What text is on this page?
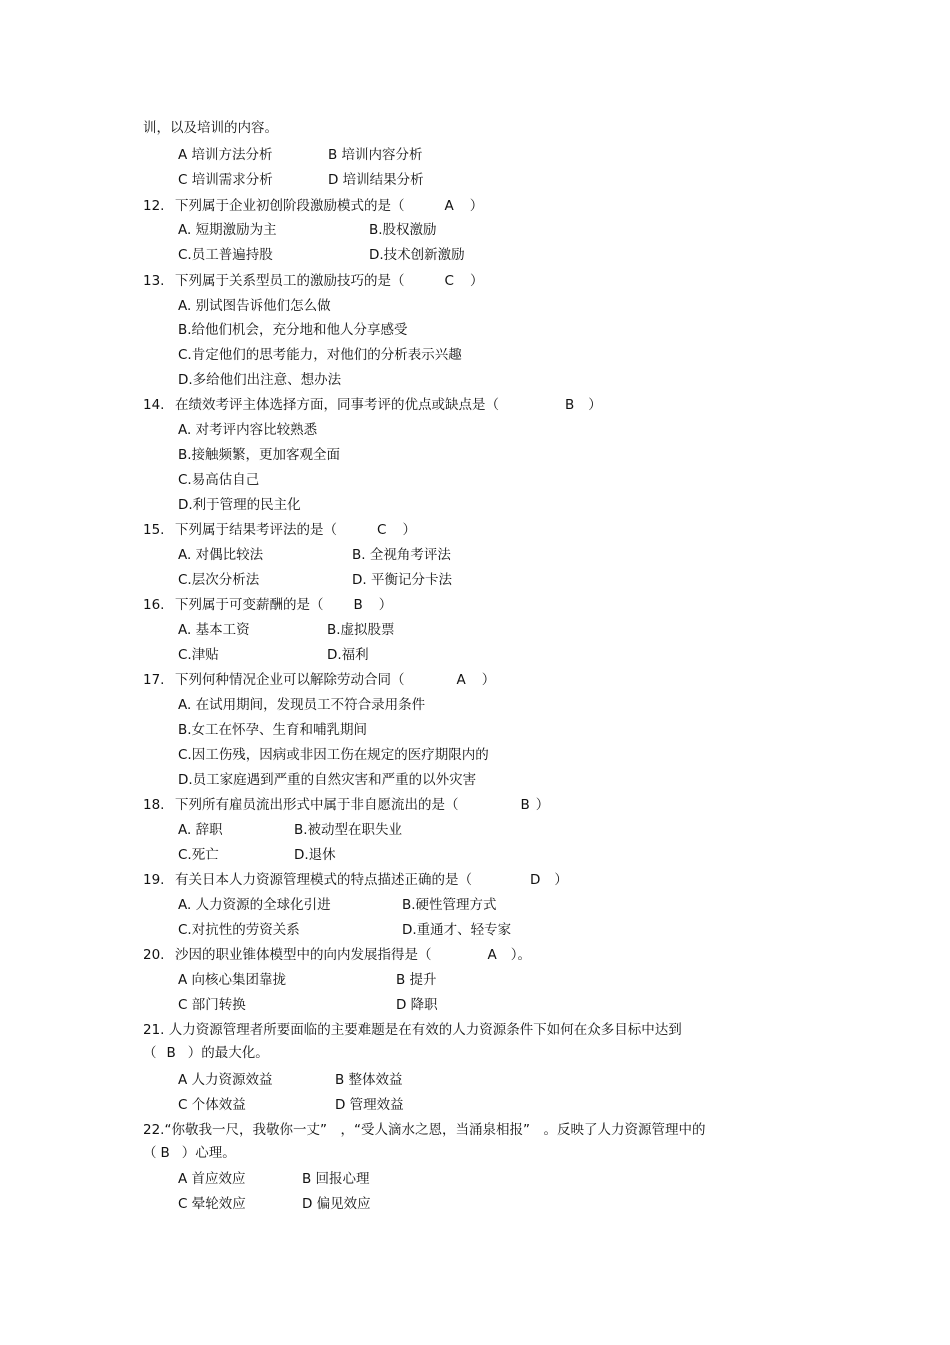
训，以及培训的内容。
A 培训方法分析	B 培训内容分析
C 培训需求分析	D 培训结果分析
12. 下列属于企业初创阶段激励模式的是（	A ）
A. 短期激励为主	B.股权激励
C.员工普遍持股	D.技术创新激励
13. 下列属于关系型员工的激励技巧的是（	C ）
A. 别试图告诉他们怎么做
B.给他们机会，充分地和他人分享感受
C.肯定他们的思考能力，对他们的分析表示兴趣
D.多给他们出注意、想办法
14. 在绩效考评主体选择方面，同事考评的优点或缺点是（	B ）
A. 对考评内容比较熟悉
B.接触频繁，更加客观全面
C.易高估自己
D.利于管理的民主化
15. 下列属于结果考评法的是（	C ）
A. 对偶比较法	B. 全视角考评法
C.层次分析法	D. 平衡记分卡法
16. 下列属于可变薪酬的是（ B ）
A. 基本工资	B.虚拟股票
C.津贴	D.福利
17. 下列何种情况企业可以解除劳动合同（	A ）
A. 在试用期间，发现员工不符合录用条件
B.女工在怀孕、生育和哺乳期间
C.因工伤残，因病或非因工伤在规定的医疗期限内的
D.员工家庭遇到严重的自然灾害和严重的以外灾害
18. 下列所有雇员流出形式中属于非自愿流出的是（	B ）
A. 辞职	B.被动型在职失业
C.死亡	D.退休
19. 有关日本人力资源管理模式的特点描述正确的是（	D ）
A. 人力资源的全球化引进	B.硬性管理方式
C.对抗性的劳资关系	D.重通才、轻专家
20. 沙因的职业锥体模型中的向内发展指得是（	A ）。
A 向核心集团靠拢	B 提升
C 部门转换	D 降职
21. 人力资源管理者所要面临的主要难题是在有效的人力资源条件下如何在众多目标中达到
（ B ）的最大化。
A 人力资源效益	B 整体效益
C 个体效益	D 管理效益
22.“你敬我一尺，我敬你一丈”　，“受人滴水之恩，当涌泉相报”　。反映了人力资源管理中的
（ B ）心理。
A 首应效应	B 回报心理
C 晕轮效应	D 偏见效应
